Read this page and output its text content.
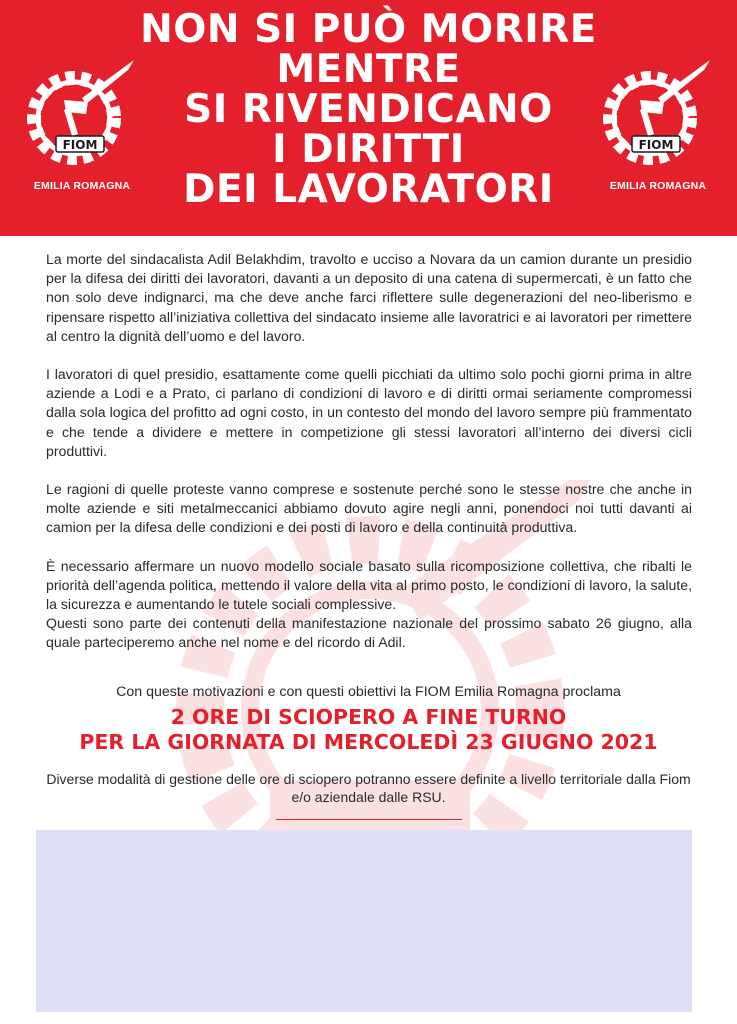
FIOM
EMILIA ROMAGNA
NON SI PUÒ MORIRE
MENTRE
SI RIVENDICANO
I DIRITTI
DEI LAVORATORI
FIOM
EMILIA ROMAGNA

La morte del sindacalista Adil Belakhdim, travolto e ucciso a Novara da un camion durante un presidio per la difesa dei diritti dei lavoratori, davanti a un deposito di una catena di supermercati, è un fatto che non solo deve indignarci, ma che deve anche farci riflettere sulle degenerazioni del neo-liberismo e ripensare rispetto all’iniziativa collettiva del sindacato insieme alle lavoratrici e ai lavoratori per rimettere al centro la dignità dell’uomo e del lavoro.

I lavoratori di quel presidio, esattamente come quelli picchiati da ultimo solo pochi giorni prima in altre aziende a Lodi e a Prato, ci parlano di condizioni di lavoro e di diritti ormai seriamente compromessi dalla sola logica del profitto ad ogni costo, in un contesto del mondo del lavoro sempre più frammentato e che tende a dividere e mettere in competizione gli stessi lavoratori all’interno dei diversi cicli produttivi.

Le ragioni di quelle proteste vanno comprese e sostenute perché sono le stesse nostre che anche in molte aziende e siti metalmeccanici abbiamo dovuto agire negli anni, ponendoci noi tutti davanti ai camion per la difesa delle condizioni e dei posti di lavoro e della continuità produttiva.

È necessario affermare un nuovo modello sociale basato sulla ricomposizione collettiva, che ribalti le priorità dell’agenda politica, mettendo il valore della vita al primo posto, le condizioni di lavoro, la salute, la sicurezza e aumentando le tutele sociali complessive.

Questi sono parte dei contenuti della manifestazione nazionale del prossimo sabato 26 giugno, alla quale parteciperemo anche nel nome e del ricordo di Adil.

Con queste motivazioni e con questi obiettivi la FIOM Emilia Romagna proclama
2 ORE DI SCIOPERO A FINE TURNO
PER LA GIORNATA DI MERCOLEDÌ 23 GIUGNO 2021
Diverse modalità di gestione delle ore di sciopero potranno essere definite a livello territoriale dalla Fiom e/o aziendale dalle RSU.
